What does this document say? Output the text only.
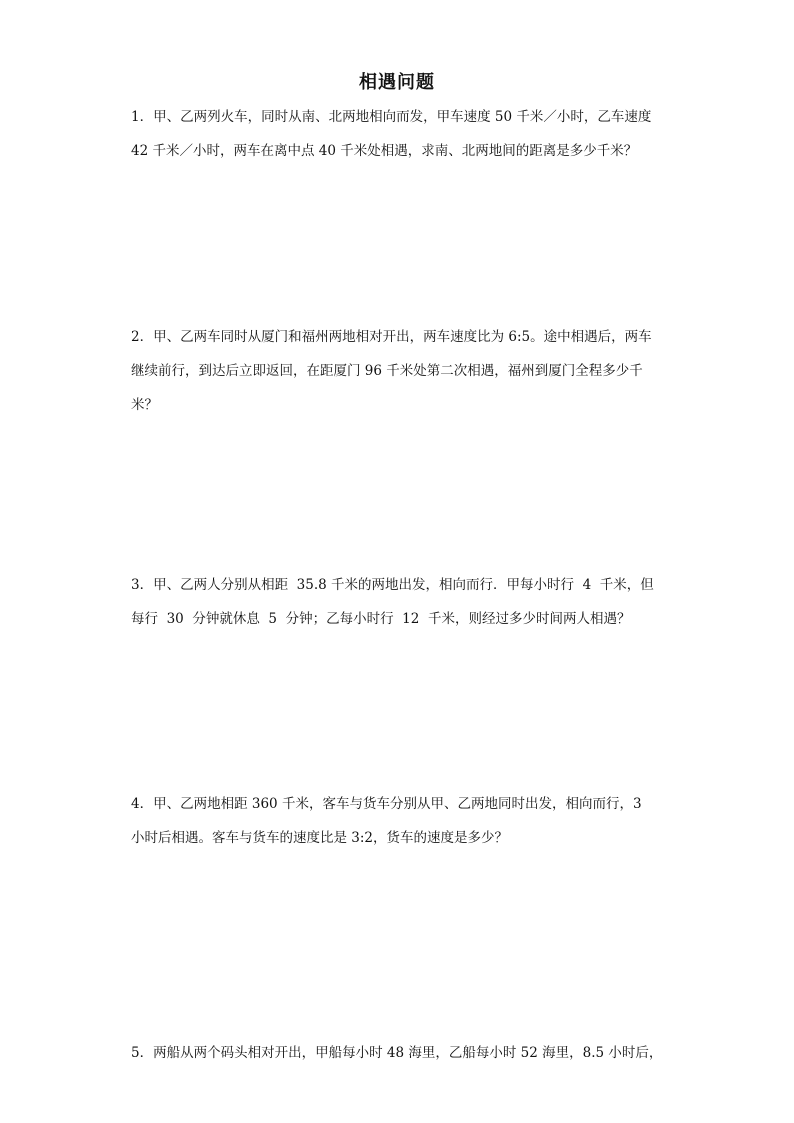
相遇问题
1．甲、乙两列火车，同时从南、北两地相向而发，甲车速度 50 千米／小时，乙车速度
42 千米／小时，两车在离中点 40 千米处相遇，求南、北两地间的距离是多少千米？
2．甲、乙两车同时从厦门和福州两地相对开出，两车速度比为 6:5。途中相遇后，两车
继续前行，到达后立即返回，在距厦门 96 千米处第二次相遇，福州到厦门全程多少千
米？
3．甲、乙两人分别从相距  35.8 千米的两地出发，相向而行．甲每小时行  4  千米，但
每行  30  分钟就休息  5  分钟；乙每小时行  12  千米，则经过多少时间两人相遇？
4．甲、乙两地相距 360 千米，客车与货车分别从甲、乙两地同时出发，相向而行，3
小时后相遇。客车与货车的速度比是 3:2，货车的速度是多少？
5．两船从两个码头相对开出，甲船每小时 48 海里，乙船每小时 52 海里，8.5 小时后，
